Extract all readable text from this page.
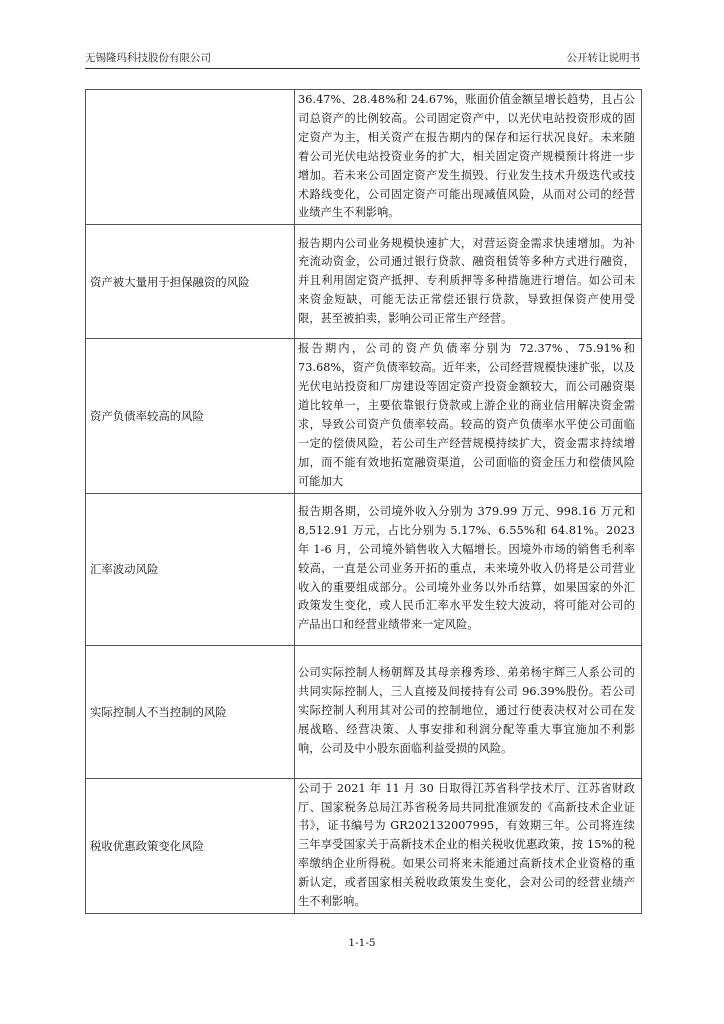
无锡隆玛科技股份有限公司	公开转让说明书

	36.47%、28.48%和 24.67%，账面价值金额呈增长趋势，且占公司总资产的比例较高。公司固定资产中，以光伏电站投资形成的固定资产为主，相关资产在报告期内的保存和运行状况良好。未来随着公司光伏电站投资业务的扩大，相关固定资产规模预计将进一步增加。若未来公司固定资产发生损毁、行业发生技术升级迭代或技术路线变化，公司固定资产可能出现减值风险，从而对公司的经营业绩产生不利影响。

资产被大量用于担保融资的风险	报告期内公司业务规模快速扩大，对营运资金需求快速增加。为补充流动资金，公司通过银行贷款、融资租赁等多种方式进行融资，并且利用固定资产抵押、专利质押等多种措施进行增信。如公司未来资金短缺，可能无法正常偿还银行贷款，导致担保资产使用受限，甚至被拍卖，影响公司正常生产经营。

资产负债率较高的风险	报告期内，公司的资产负债率分别为 72.37%、75.91%和 73.68%，资产负债率较高。近年来，公司经营规模快速扩张，以及光伏电站投资和厂房建设等固定资产投资金额较大，而公司融资渠道比较单一，主要依靠银行贷款或上游企业的商业信用解决资金需求，导致公司资产负债率较高。较高的资产负债率水平使公司面临一定的偿债风险，若公司生产经营规模持续扩大，资金需求持续增加，而不能有效地拓宽融资渠道，公司面临的资金压力和偿债风险可能加大

汇率波动风险	报告期各期，公司境外收入分别为 379.99 万元、998.16 万元和 8,512.91 万元，占比分别为 5.17%、6.55%和 64.81%。2023 年 1-6 月，公司境外销售收入大幅增长。因境外市场的销售毛利率较高，一直是公司业务开拓的重点，未来境外收入仍将是公司营业收入的重要组成部分。公司境外业务以外币结算，如果国家的外汇政策发生变化，或人民币汇率水平发生较大波动，将可能对公司的产品出口和经营业绩带来一定风险。

实际控制人不当控制的风险	公司实际控制人杨朝辉及其母亲穆秀珍、弟弟杨宇辉三人系公司的共同实际控制人，三人直接及间接持有公司 96.39%股份。若公司实际控制人利用其对公司的控制地位，通过行使表决权对公司在发展战略、经营决策、人事安排和利润分配等重大事宜施加不利影响，公司及中小股东面临利益受损的风险。

税收优惠政策变化风险	公司于 2021 年 11 月 30 日取得江苏省科学技术厅、江苏省财政厅、国家税务总局江苏省税务局共同批准颁发的《高新技术企业证书》，证书编号为 GR202132007995，有效期三年。公司将连续三年享受国家关于高新技术企业的相关税收优惠政策，按 15%的税率缴纳企业所得税。如果公司将来未能通过高新技术企业资格的重新认定，或者国家相关税收政策发生变化，会对公司的经营业绩产生不利影响。

1-1-5
